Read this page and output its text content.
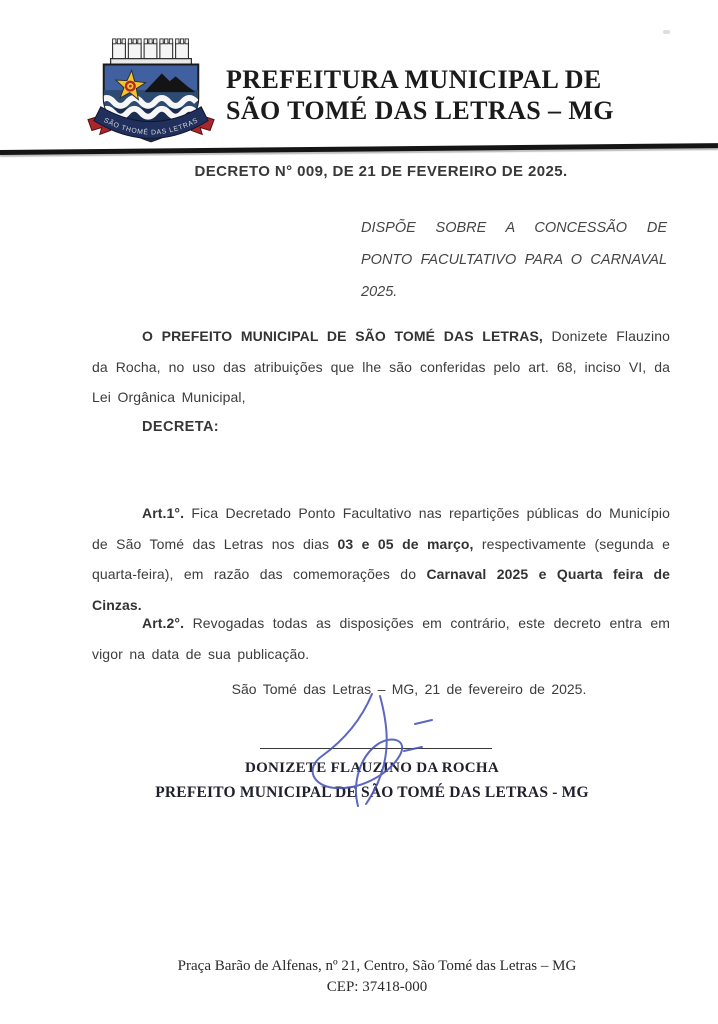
SÃO THOMÉ DAS LETRAS
PREFEITURA MUNICIPAL DE
SÃO TOMÉ DAS LETRAS – MG
DECRETO N° 009, DE 21 DE FEVEREIRO DE 2025.
DISPÕE SOBRE A CONCESSÃO DE PONTO FACULTATIVO PARA O CARNAVAL 2025.

O PREFEITO MUNICIPAL DE SÃO TOMÉ DAS LETRAS, Donizete Flauzino da Rocha, no uso das atribuições que lhe são conferidas pelo art. 68, inciso VI, da Lei Orgânica Municipal,

DECRETA:

Art.1°. Fica Decretado Ponto Facultativo nas repartições públicas do Município de São Tomé das Letras nos dias 03 e 05 de março, respectivamente (segunda e quarta-feira), em razão das comemorações do Carnaval 2025 e Quarta feira de Cinzas.

Art.2°. Revogadas todas as disposições em contrário, este decreto entra em vigor na data de sua publicação.

São Tomé das Letras – MG, 21 de fevereiro de 2025.
DONIZETE FLAUZINO DA ROCHA
PREFEITO MUNICIPAL DE SÃO TOMÉ DAS LETRAS - MG
Praça Barão de Alfenas, nº 21, Centro, São Tomé das Letras – MG
CEP: 37418-000
